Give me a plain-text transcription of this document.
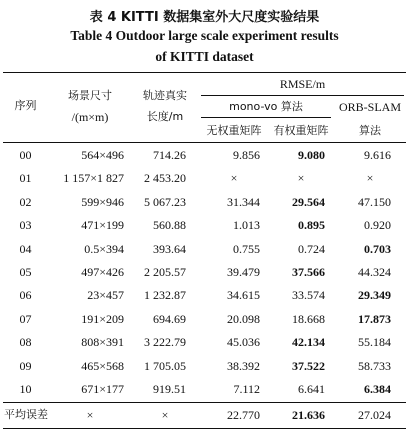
表 4 KITTI 数据集室外大尺度实验结果
Table 4 Outdoor large scale experiment results
of KITTI dataset
序列
场景尺寸
/(m×m)
轨迹真实
长度/m
RMSE/m
mono-vo 算法
无权重矩阵	有权重矩阵
ORB-SLAM
算法
00	564×496	714.26	9.856	9.080	9.616
01	1 157×1 827	2 453.20	×	×	×
02	599×946	5 067.23	31.344	29.564	47.150
03	471×199	560.88	1.013	0.895	0.920
04	0.5×394	393.64	0.755	0.724	0.703
05	497×426	2 205.57	39.479	37.566	44.324
06	23×457	1 232.87	34.615	33.574	29.349
07	191×209	694.69	20.098	18.668	17.873
08	808×391	3 222.79	45.036	42.134	55.184
09	465×568	1 705.05	38.392	37.522	58.733
10	671×177	919.51	7.112	6.641	6.384
平均误差	×	×	22.770	21.636	27.024
